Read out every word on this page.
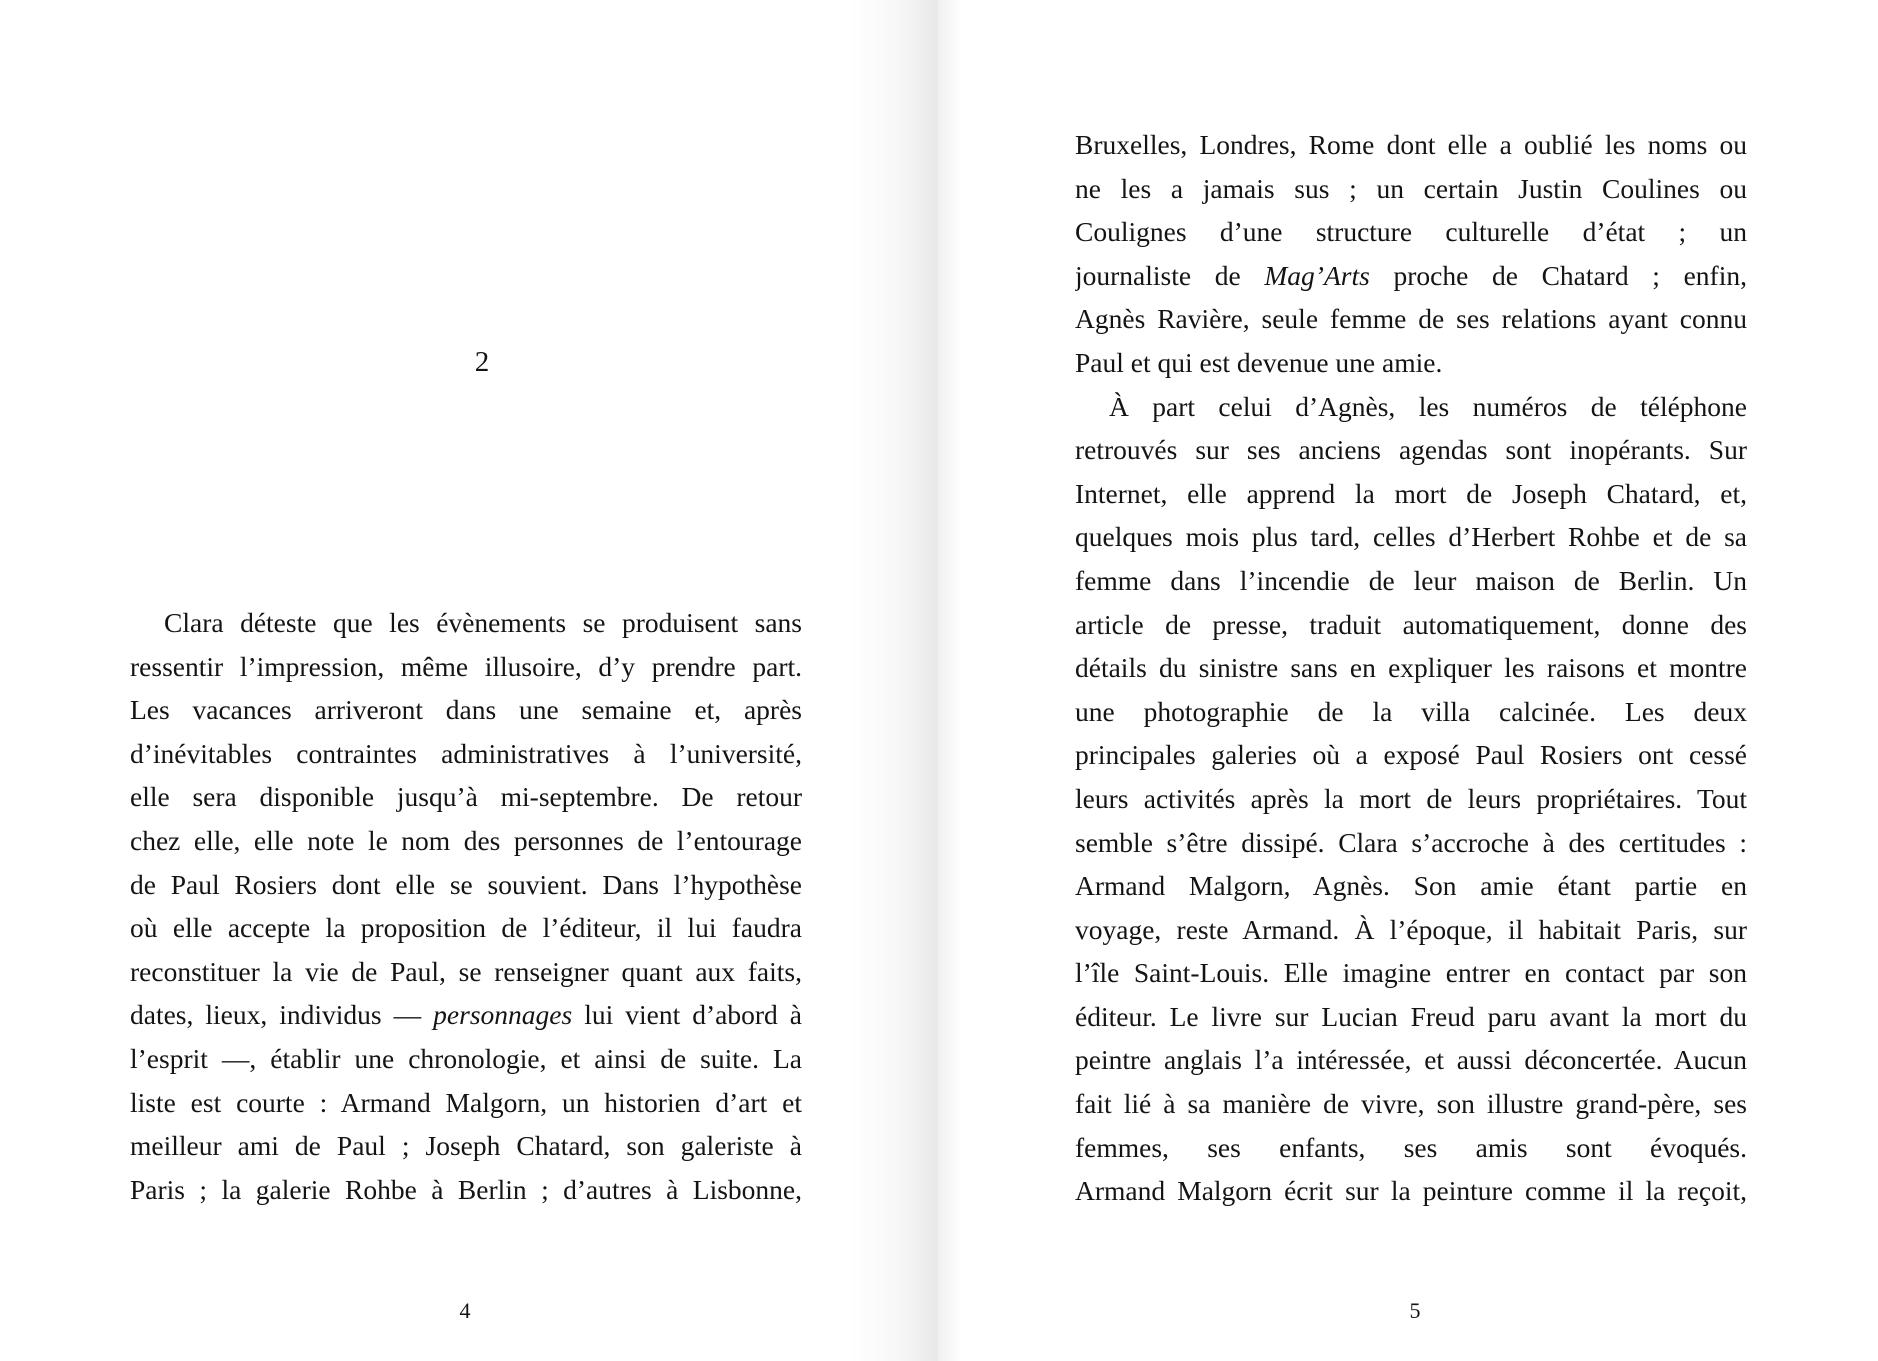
2
Clara déteste que les évènements se produisent sans
ressentir l’impression, même illusoire, d’y prendre part.
Les vacances arriveront dans une semaine et, après
d’inévitables contraintes administratives à l’université,
elle sera disponible jusqu’à mi-septembre. De retour
chez elle, elle note le nom des personnes de l’entourage
de Paul Rosiers dont elle se souvient. Dans l’hypothèse
où elle accepte la proposition de l’éditeur, il lui faudra
reconstituer la vie de Paul, se renseigner quant aux faits,
dates, lieux, individus — personnages lui vient d’abord à
l’esprit —, établir une chronologie, et ainsi de suite. La
liste est courte : Armand Malgorn, un historien d’art et
meilleur ami de Paul ; Joseph Chatard, son galeriste à
Paris ; la galerie Rohbe à Berlin ; d’autres à Lisbonne,
4
Bruxelles, Londres, Rome dont elle a oublié les noms ou
ne les a jamais sus ; un certain Justin Coulines ou
Coulignes d’une structure culturelle d’état ; un
journaliste de Mag’Arts proche de Chatard ; enfin,
Agnès Ravière, seule femme de ses relations ayant connu
Paul et qui est devenue une amie.
À part celui d’Agnès, les numéros de téléphone
retrouvés sur ses anciens agendas sont inopérants. Sur
Internet, elle apprend la mort de Joseph Chatard, et,
quelques mois plus tard, celles d’Herbert Rohbe et de sa
femme dans l’incendie de leur maison de Berlin. Un
article de presse, traduit automatiquement, donne des
détails du sinistre sans en expliquer les raisons et montre
une photographie de la villa calcinée. Les deux
principales galeries où a exposé Paul Rosiers ont cessé
leurs activités après la mort de leurs propriétaires. Tout
semble s’être dissipé. Clara s’accroche à des certitudes :
Armand Malgorn, Agnès. Son amie étant partie en
voyage, reste Armand. À l’époque, il habitait Paris, sur
l’île Saint-Louis. Elle imagine entrer en contact par son
éditeur. Le livre sur Lucian Freud paru avant la mort du
peintre anglais l’a intéressée, et aussi déconcertée. Aucun
fait lié à sa manière de vivre, son illustre grand-père, ses
femmes, ses enfants, ses amis sont évoqués.
Armand Malgorn écrit sur la peinture comme il la reçoit,
5
